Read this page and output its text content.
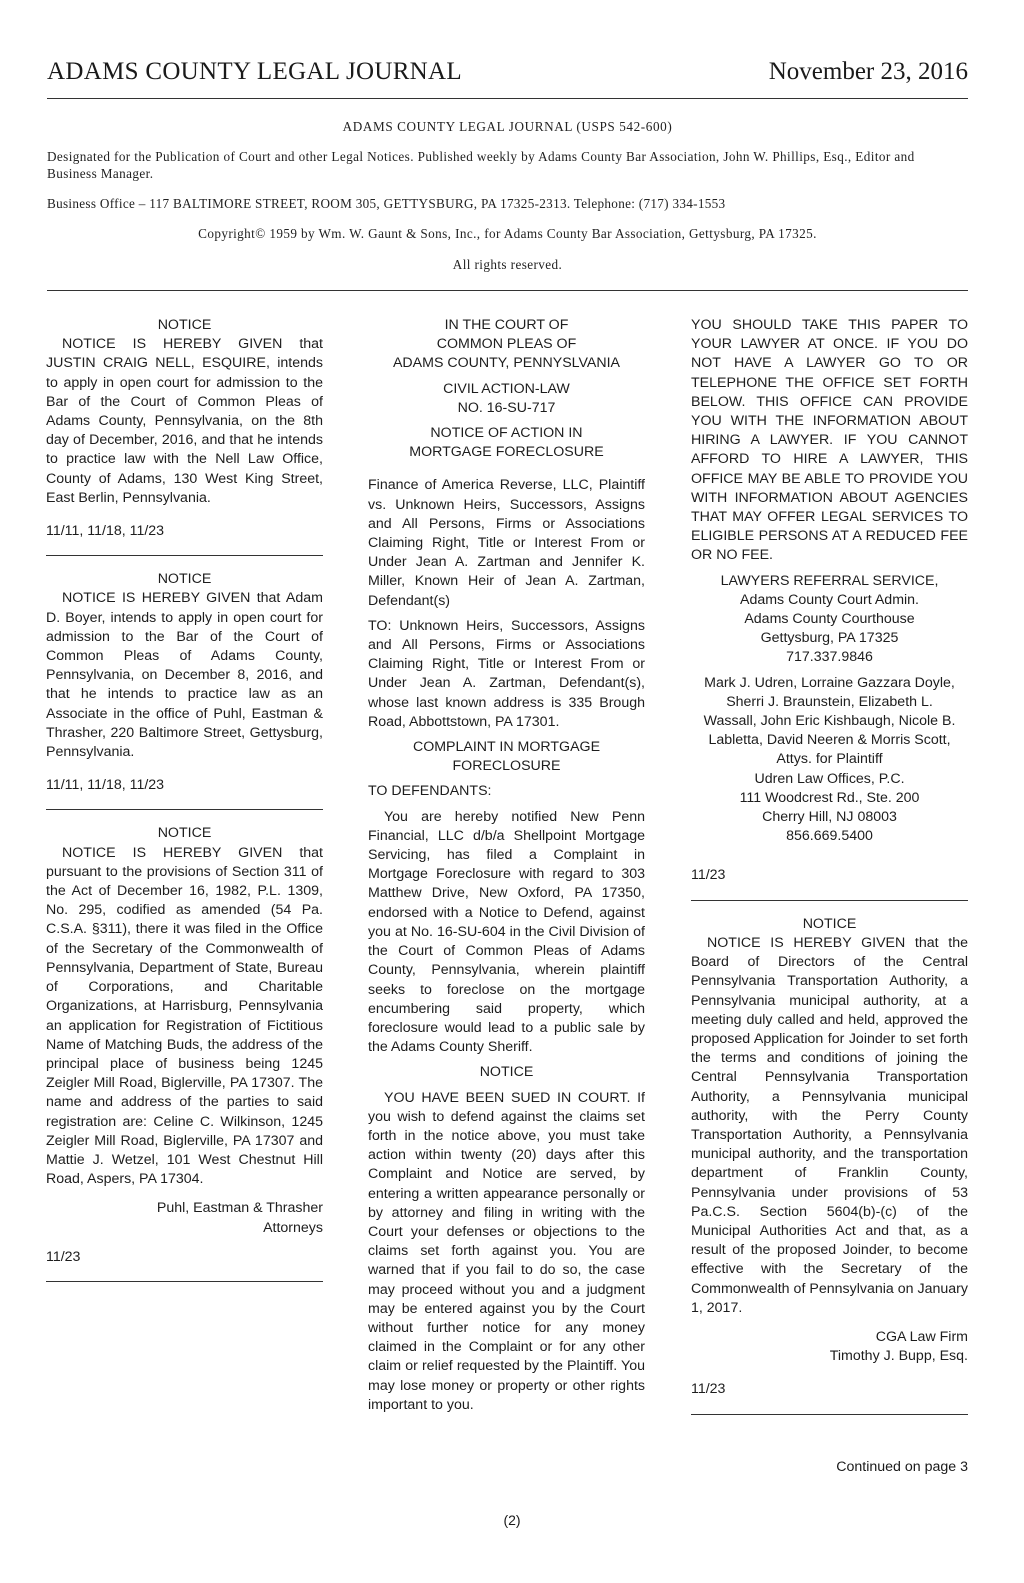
ADAMS COUNTY LEGAL JOURNAL	November 23, 2016

ADAMS COUNTY LEGAL JOURNAL (USPS 542-600)

Designated for the Publication of Court and other Legal Notices. Published weekly by Adams County Bar Association, John W. Phillips, Esq., Editor and Business Manager.

Business Office – 117 BALTIMORE STREET, ROOM 305, GETTYSBURG, PA 17325-2313. Telephone: (717) 334-1553

Copyright© 1959 by Wm. W. Gaunt & Sons, Inc., for Adams County Bar Association, Gettysburg, PA 17325.

All rights reserved.

NOTICE

NOTICE IS HEREBY GIVEN that JUSTIN CRAIG NELL, ESQUIRE, intends to apply in open court for admission to the Bar of the Court of Common Pleas of Adams County, Pennsylvania, on the 8th day of December, 2016, and that he intends to practice law with the Nell Law Office, County of Adams, 130 West King Street, East Berlin, Pennsylvania.

11/11, 11/18, 11/23

NOTICE

NOTICE IS HEREBY GIVEN that Adam D. Boyer, intends to apply in open court for admission to the Bar of the Court of Common Pleas of Adams County, Pennsylvania, on December 8, 2016, and that he intends to practice law as an Associate in the office of Puhl, Eastman & Thrasher, 220 Baltimore Street, Gettysburg, Pennsylvania.

11/11, 11/18, 11/23

NOTICE

NOTICE IS HEREBY GIVEN that pursuant to the provisions of Section 311 of the Act of December 16, 1982, P.L. 1309, No. 295, codified as amended (54 Pa. C.S.A. §311), there it was filed in the Office of the Secretary of the Commonwealth of Pennsylvania, Department of State, Bureau of Corporations, and Charitable Organizations, at Harrisburg, Pennsylvania an application for Registration of Fictitious Name of Matching Buds, the address of the principal place of business being 1245 Zeigler Mill Road, Biglerville, PA 17307. The name and address of the parties to said registration are: Celine C. Wilkinson, 1245 Zeigler Mill Road, Biglerville, PA 17307 and Mattie J. Wetzel, 101 West Chestnut Hill Road, Aspers, PA 17304.

Puhl, Eastman & Thrasher

Attorneys

11/23

IN THE COURT OF

COMMON PLEAS OF

ADAMS COUNTY, PENNYSLVANIA

CIVIL ACTION-LAW

NO. 16-SU-717

NOTICE OF ACTION IN

MORTGAGE FORECLOSURE

Finance of America Reverse, LLC, Plaintiff vs. Unknown Heirs, Successors, Assigns and All Persons, Firms or Associations Claiming Right, Title or Interest From or Under Jean A. Zartman and Jennifer K. Miller, Known Heir of Jean A. Zartman, Defendant(s)

TO: Unknown Heirs, Successors, Assigns and All Persons, Firms or Associations Claiming Right, Title or Interest From or Under Jean A. Zartman, Defendant(s), whose last known address is 335 Brough Road, Abbottstown, PA 17301.

COMPLAINT IN MORTGAGE

FORECLOSURE

TO DEFENDANTS:

You are hereby notified New Penn Financial, LLC d/b/a Shellpoint Mortgage Servicing, has filed a Complaint in Mortgage Foreclosure with regard to 303 Matthew Drive, New Oxford, PA 17350, endorsed with a Notice to Defend, against you at No. 16-SU-604 in the Civil Division of the Court of Common Pleas of Adams County, Pennsylvania, wherein plaintiff seeks to foreclose on the mortgage encumbering said property, which foreclosure would lead to a public sale by the Adams County Sheriff.

NOTICE

YOU HAVE BEEN SUED IN COURT. If you wish to defend against the claims set forth in the notice above, you must take action within twenty (20) days after this Complaint and Notice are served, by entering a written appearance personally or by attorney and filing in writing with the Court your defenses or objections to the claims set forth against you. You are warned that if you fail to do so, the case may proceed without you and a judgment may be entered against you by the Court without further notice for any money claimed in the Complaint or for any other claim or relief requested by the Plaintiff. You may lose money or property or other rights important to you.

YOU SHOULD TAKE THIS PAPER TO YOUR LAWYER AT ONCE. IF YOU DO NOT HAVE A LAWYER GO TO OR TELEPHONE THE OFFICE SET FORTH BELOW. THIS OFFICE CAN PROVIDE YOU WITH THE INFORMATION ABOUT HIRING A LAWYER. IF YOU CANNOT AFFORD TO HIRE A LAWYER, THIS OFFICE MAY BE ABLE TO PROVIDE YOU WITH INFORMATION ABOUT AGENCIES THAT MAY OFFER LEGAL SERVICES TO ELIGIBLE PERSONS AT A REDUCED FEE OR NO FEE.

LAWYERS REFERRAL SERVICE,

Adams County Court Admin.

Adams County Courthouse

Gettysburg, PA 17325

717.337.9846

Mark J. Udren, Lorraine Gazzara Doyle,

Sherri J. Braunstein, Elizabeth L.

Wassall, John Eric Kishbaugh, Nicole B.

Labletta, David Neeren & Morris Scott,

Attys. for Plaintiff

Udren Law Offices, P.C.

111 Woodcrest Rd., Ste. 200

Cherry Hill, NJ 08003

856.669.5400

11/23

NOTICE

NOTICE IS HEREBY GIVEN that the Board of Directors of the Central Pennsylvania Transportation Authority, a Pennsylvania municipal authority, at a meeting duly called and held, approved the proposed Application for Joinder to set forth the terms and conditions of joining the Central Pennsylvania Transportation Authority, a Pennsylvania municipal authority, with the Perry County Transportation Authority, a Pennsylvania municipal authority, and the transportation department of Franklin County, Pennsylvania under provisions of 53 Pa.C.S. Section 5604(b)-(c) of the Municipal Authorities Act and that, as a result of the proposed Joinder, to become effective with the Secretary of the Commonwealth of Pennsylvania on January 1, 2017.

CGA Law Firm

Timothy J. Bupp, Esq.

11/23

Continued on page 3
(2)
